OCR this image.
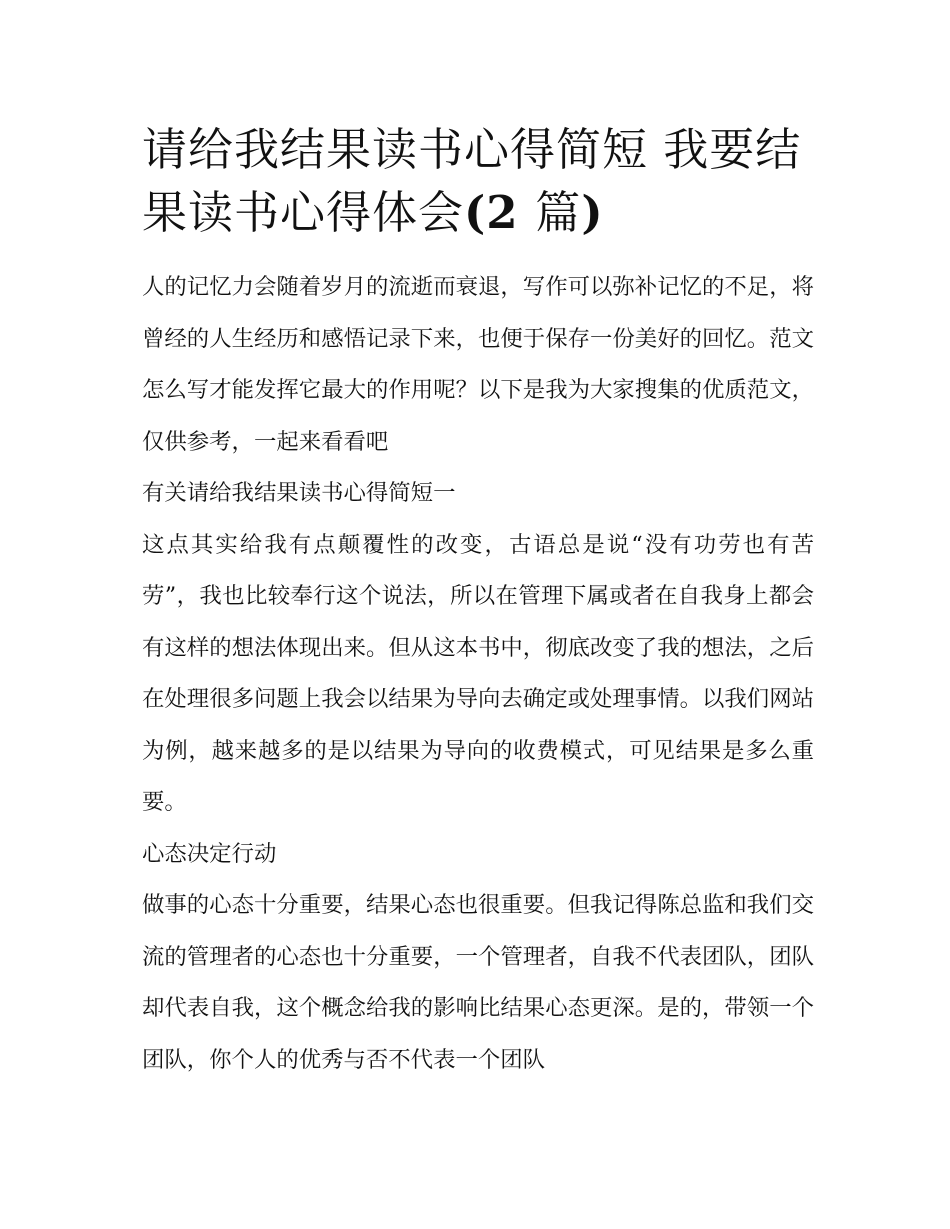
请给我结果读书心得简短 我要结果读书心得体会(2 篇)

人的记忆力会随着岁月的流逝而衰退，写作可以弥补记忆的不足，将曾经的人生经历和感悟记录下来，也便于保存一份美好的回忆。范文怎么写才能发挥它最大的作用呢？以下是我为大家搜集的优质范文，仅供参考，一起来看看吧

有关请给我结果读书心得简短一

这点其实给我有点颠覆性的改变，古语总是说“没有功劳也有苦劳”，我也比较奉行这个说法，所以在管理下属或者在自我身上都会有这样的想法体现出来。但从这本书中，彻底改变了我的想法，之后在处理很多问题上我会以结果为导向去确定或处理事情。以我们网站为例，越来越多的是以结果为导向的收费模式，可见结果是多么重要。

心态决定行动

做事的心态十分重要，结果心态也很重要。但我记得陈总监和我们交流的管理者的心态也十分重要，一个管理者，自我不代表团队，团队却代表自我，这个概念给我的影响比结果心态更深。是的，带领一个团队，你个人的优秀与否不代表一个团队
